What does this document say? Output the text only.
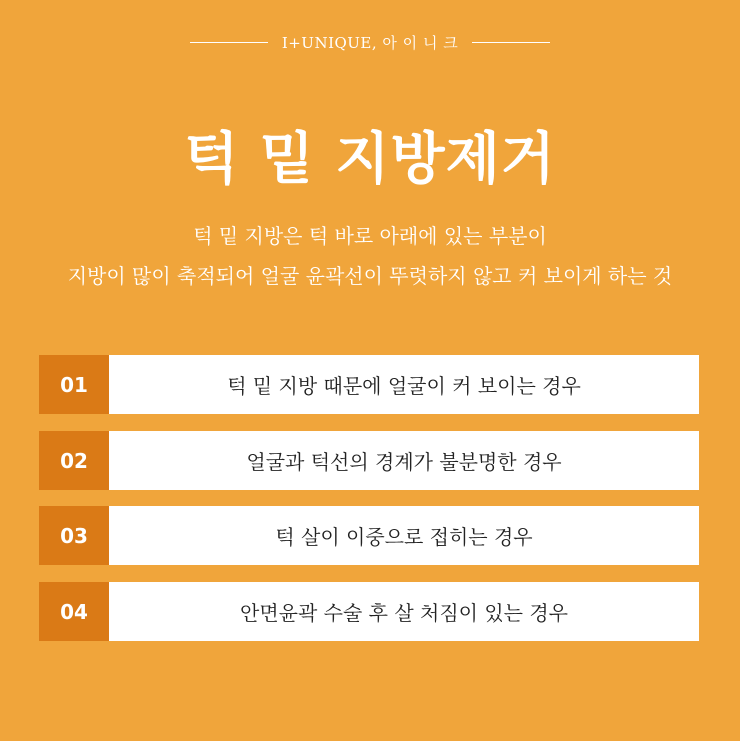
I+UNIQUE, 아 이 니 크
턱 밑 지방제거
턱 밑 지방은 턱 바로 아래에 있는 부분이
지방이 많이 축적되어 얼굴 윤곽선이 뚜렷하지 않고 커 보이게 하는 것
01	턱 밑 지방 때문에 얼굴이 커 보이는 경우
02	얼굴과 턱선의 경계가 불분명한 경우
03	턱 살이 이중으로 접히는 경우
04	안면윤곽 수술 후 살 처짐이 있는 경우
